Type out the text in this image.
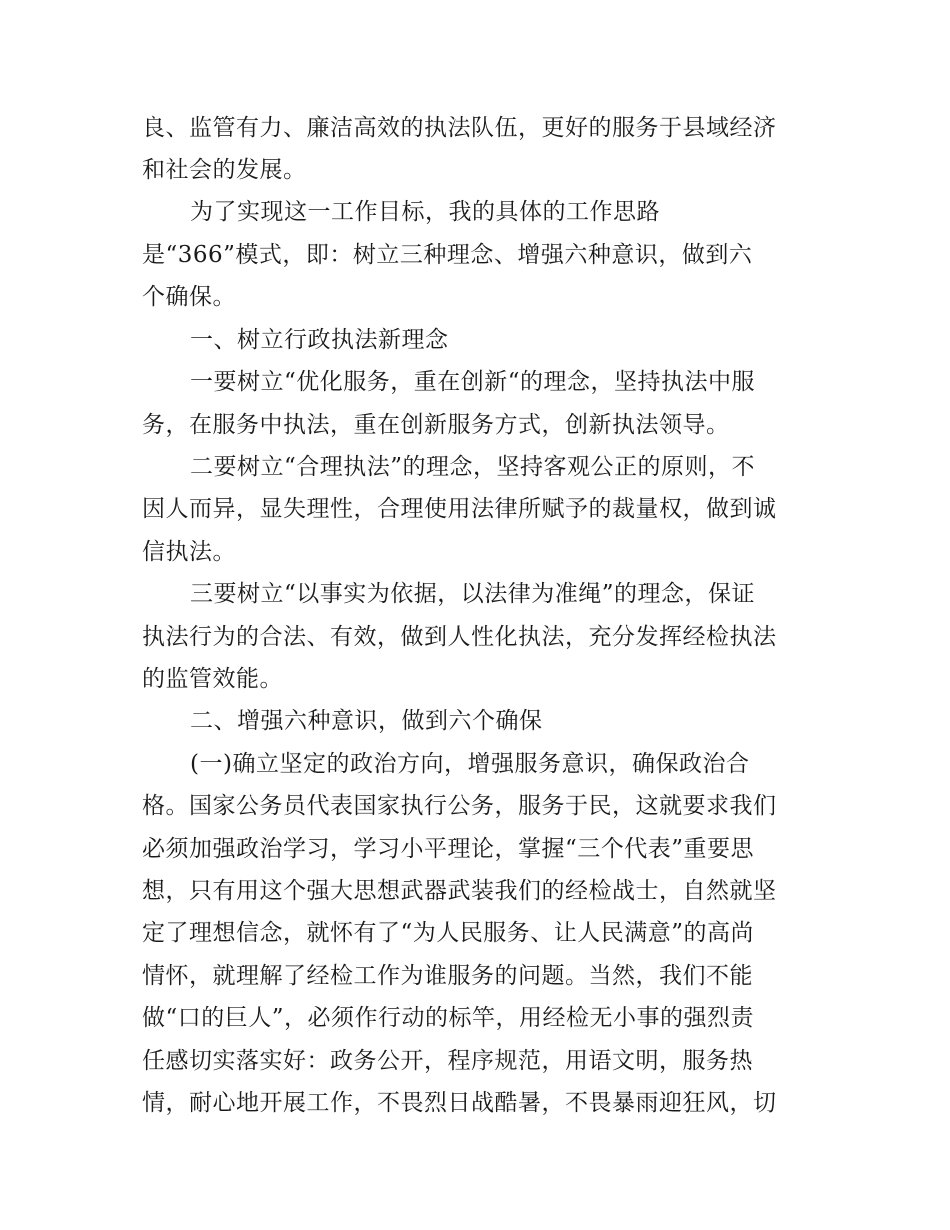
良、监管有力、廉洁高效的执法队伍，更好的服务于县域经济
和社会的发展。
为了实现这一工作目标，我的具体的工作思路
是“366”模式，即：树立三种理念、增强六种意识，做到六
个确保。
一、树立行政执法新理念
一要树立“优化服务，重在创新“的理念，坚持执法中服
务，在服务中执法，重在创新服务方式，创新执法领导。
二要树立“合理执法”的理念，坚持客观公正的原则，不
因人而异，显失理性，合理使用法律所赋予的裁量权，做到诚
信执法。
三要树立“以事实为依据，以法律为准绳”的理念，保证
执法行为的合法、有效，做到人性化执法，充分发挥经检执法
的监管效能。
二、增强六种意识，做到六个确保
(一)确立坚定的政治方向，增强服务意识，确保政治合
格。国家公务员代表国家执行公务，服务于民，这就要求我们
必须加强政治学习，学习小平理论，掌握“三个代表”重要思
想，只有用这个强大思想武器武装我们的经检战士，自然就坚
定了理想信念，就怀有了“为人民服务、让人民满意”的高尚
情怀，就理解了经检工作为谁服务的问题。当然，我们不能
做“口的巨人”，必须作行动的标竿，用经检无小事的强烈责
任感切实落实好：政务公开，程序规范，用语文明，服务热
情，耐心地开展工作，不畏烈日战酷暑，不畏暴雨迎狂风，切
